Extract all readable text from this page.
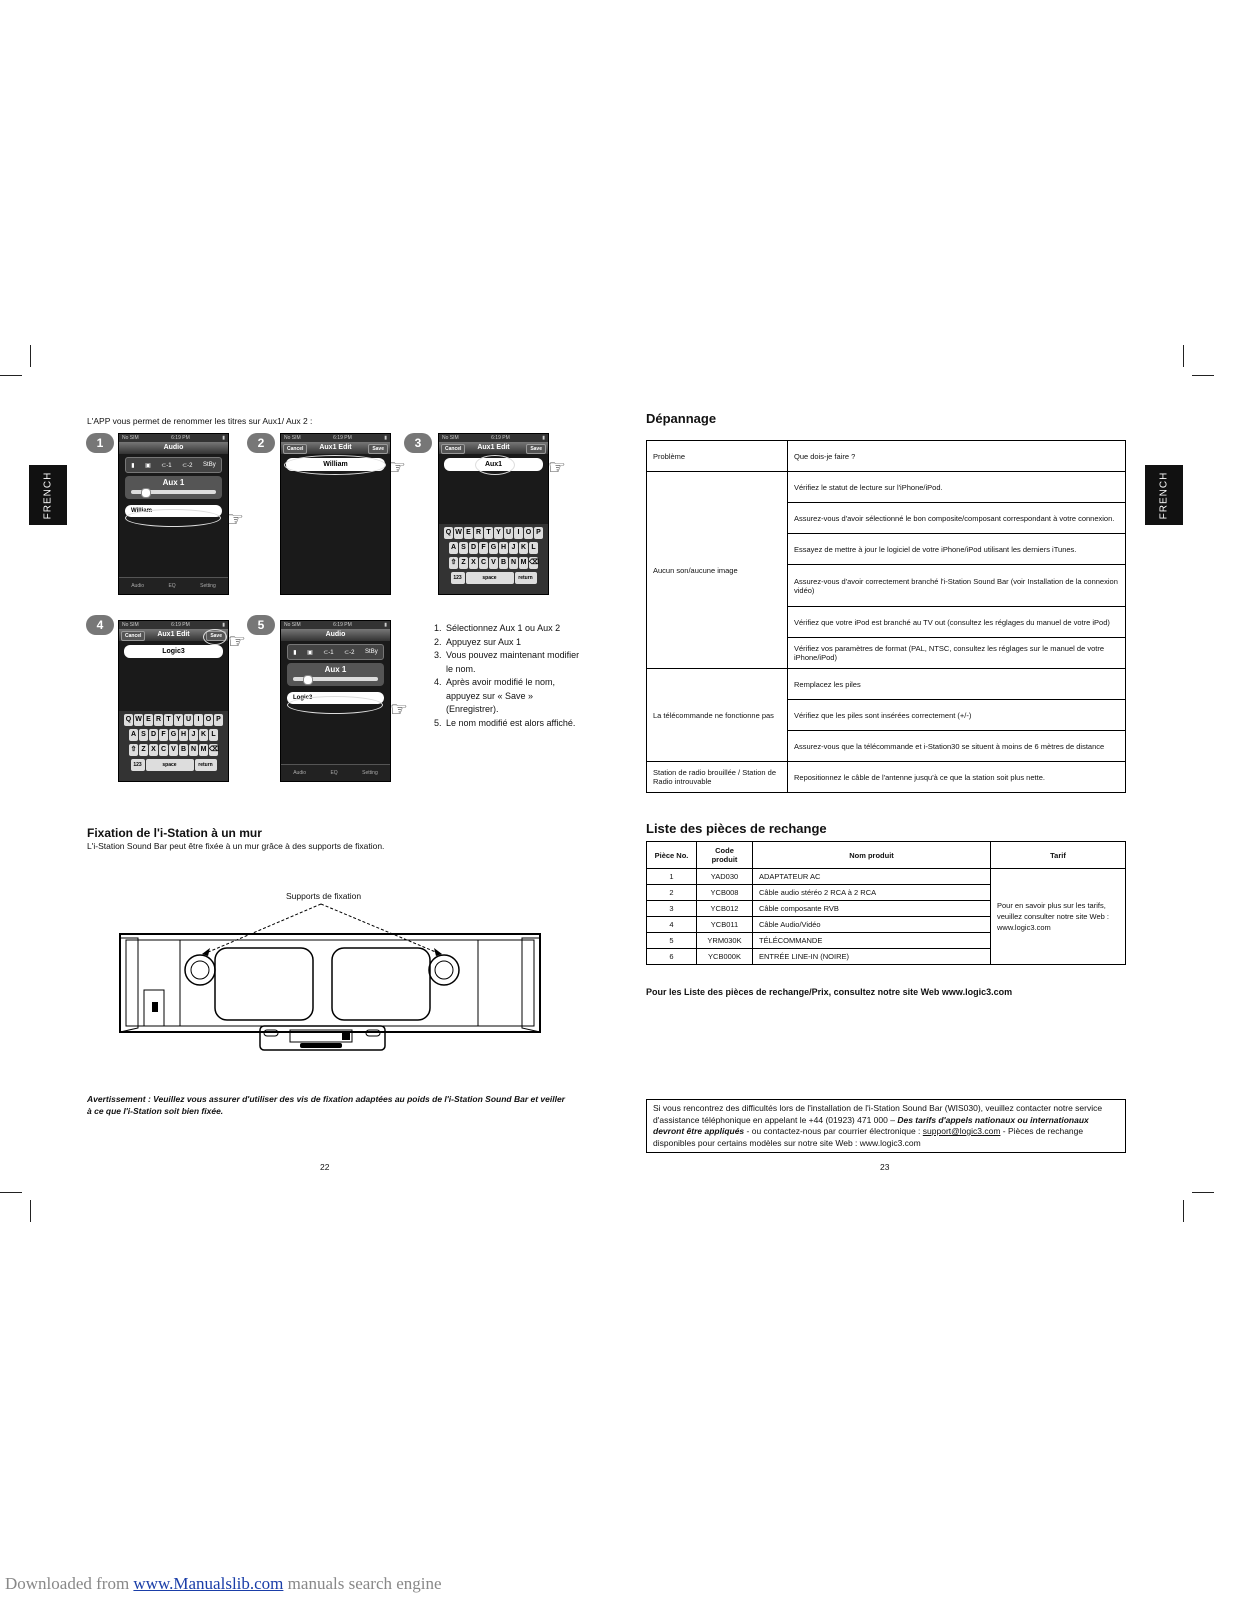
FRENCH	FRENCH
L'APP vous permet de renommer les titres sur Aux1/ Aux 2 :
1	2	3
4	5
No SIM	6:19 PM	▮
Audio
▮ ▣ ⊂-1 ⊂-2 StBy
Aux 1
William
Audio	EQ	Setting
☞
No SIM	6:19 PM	▮
Aux1 Edit
Cancel	Save
William	☞
No SIM	6:19 PM	▮
Aux1 Edit
Cancel	Save
Aux1
Q W E R T Y U I O P
A S D F G H J K L
⇧ Z X C V B N M ⌫
123	space	return
☞
No SIM	6:19 PM	▮
Aux1 Edit
Cancel	Save
Logic3
Q W E R T Y U I O P
A S D F G H J K L
⇧ Z X C V B N M ⌫
123	space	return
☞
No SIM	6:19 PM	▮
Audio
▮ ▣ ⊂-1 ⊂-2 StBy
Aux 1
Logic3
Audio	EQ	Setting
☞
1. Sélectionnez Aux 1 ou Aux 2
2. Appuyez sur Aux 1
3. Vous pouvez maintenant modifier le nom.
4. Après avoir modifié le nom, appuyez sur « Save » (Enregistrer).
5. Le nom modifié est alors affiché.
Fixation de l'i-Station à un mur
L'i-Station Sound Bar peut être fixée à un mur grâce à des supports de fixation.
Supports de fixation
Avertissement : Veuillez vous assurer d'utiliser des vis de fixation adaptées au poids de l'i-Station Sound Bar et veiller à ce que l'i-Station soit bien fixée.
22
Dépannage
Problème	Que dois-je faire ?
Aucun son/aucune image	Vérifiez le statut de lecture sur l'iPhone/iPod.
	Assurez-vous d'avoir sélectionné le bon composite/composant correspondant à votre connexion.
	Essayez de mettre à jour le logiciel de votre iPhone/iPod utilisant les derniers iTunes.
	Assurez-vous d'avoir correctement branché l'i-Station Sound Bar (voir Installation de la connexion vidéo)
	Vérifiez que votre iPod est branché au TV out (consultez les réglages du manuel de votre iPod)
	Vérifiez vos paramètres de format (PAL, NTSC, consultez les réglages sur le manuel de votre iPhone/iPod)
La télécommande ne fonctionne pas	Remplacez les piles
	Vérifiez que les piles sont insérées correctement (+/-)
	Assurez-vous que la télécommande et i-Station30 se situent à moins de 6 mètres de distance
Station de radio brouillée / Station de Radio introuvable	Repositionnez le câble de l'antenne jusqu'à ce que la station soit plus nette.
Liste des pièces de rechange
Pièce No.	Code produit	Nom produit	Tarif
1	YAD030	ADAPTATEUR AC	Pour en savoir plus sur les tarifs, veuillez consulter notre site Web : www.logic3.com
2	YCB008	Câble audio stéréo 2 RCA à 2 RCA	
3	YCB012	Câble composante RVB	
4	YCB011	Câble Audio/Vidéo	
5	YRM030K	TÉLÉCOMMANDE	
6	YCB000K	ENTRÉE LINE-IN (NOIRE)	
Pour les Liste des pièces de rechange/Prix, consultez notre site Web www.logic3.com
Si vous rencontrez des difficultés lors de l'installation de l'i-Station Sound Bar (WIS030), veuillez contacter notre service d'assistance téléphonique en appelant le +44 (01923) 471 000 – Des tarifs d'appels nationaux ou internationaux devront être appliqués - ou contactez-nous par courrier électronique : support@logic3.com - Pièces de rechange disponibles pour certains modèles sur notre site Web : www.logic3.com
23
Downloaded from www.Manualslib.com manuals search engine
